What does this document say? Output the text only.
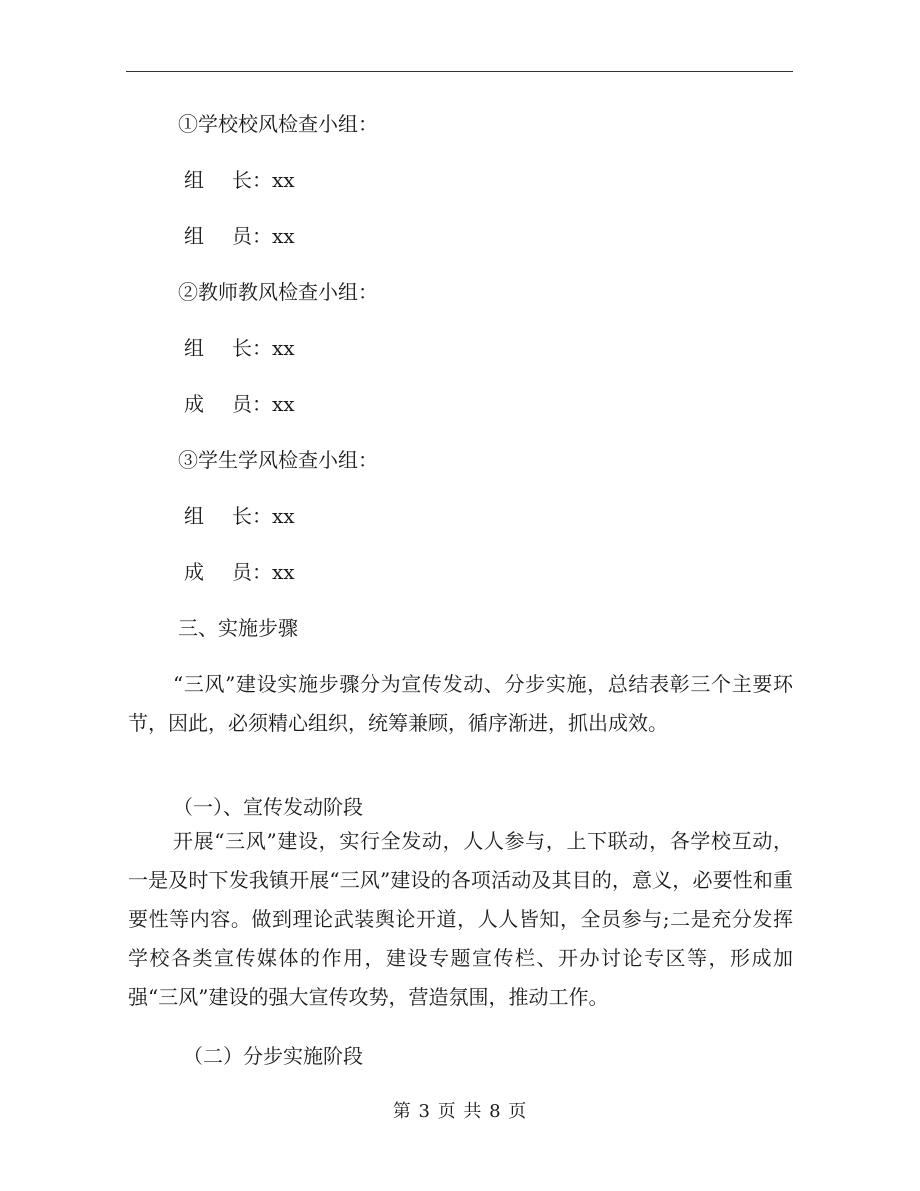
①学校校风检查小组：
组 长：xx
组 员：xx
②教师教风检查小组：
组 长：xx
成 员：xx
③学生学风检查小组：
组 长：xx
成 员：xx
三、实施步骤
“三风”建设实施步骤分为宣传发动、分步实施，总结表彰三个主要环节，因此，必须精心组织，统筹兼顾，循序渐进，抓出成效。
（一）、宣传发动阶段
开展“三风”建设，实行全发动，人人参与，上下联动，各学校互动，一是及时下发我镇开展“三风”建设的各项活动及其目的，意义，必要性和重要性等内容。做到理论武装舆论开道，人人皆知，全员参与;二是充分发挥学校各类宣传媒体的作用，建设专题宣传栏、开办讨论专区等，形成加强“三风”建设的强大宣传攻势，营造氛围，推动工作。
（二）分步实施阶段
第 3 页 共 8 页
